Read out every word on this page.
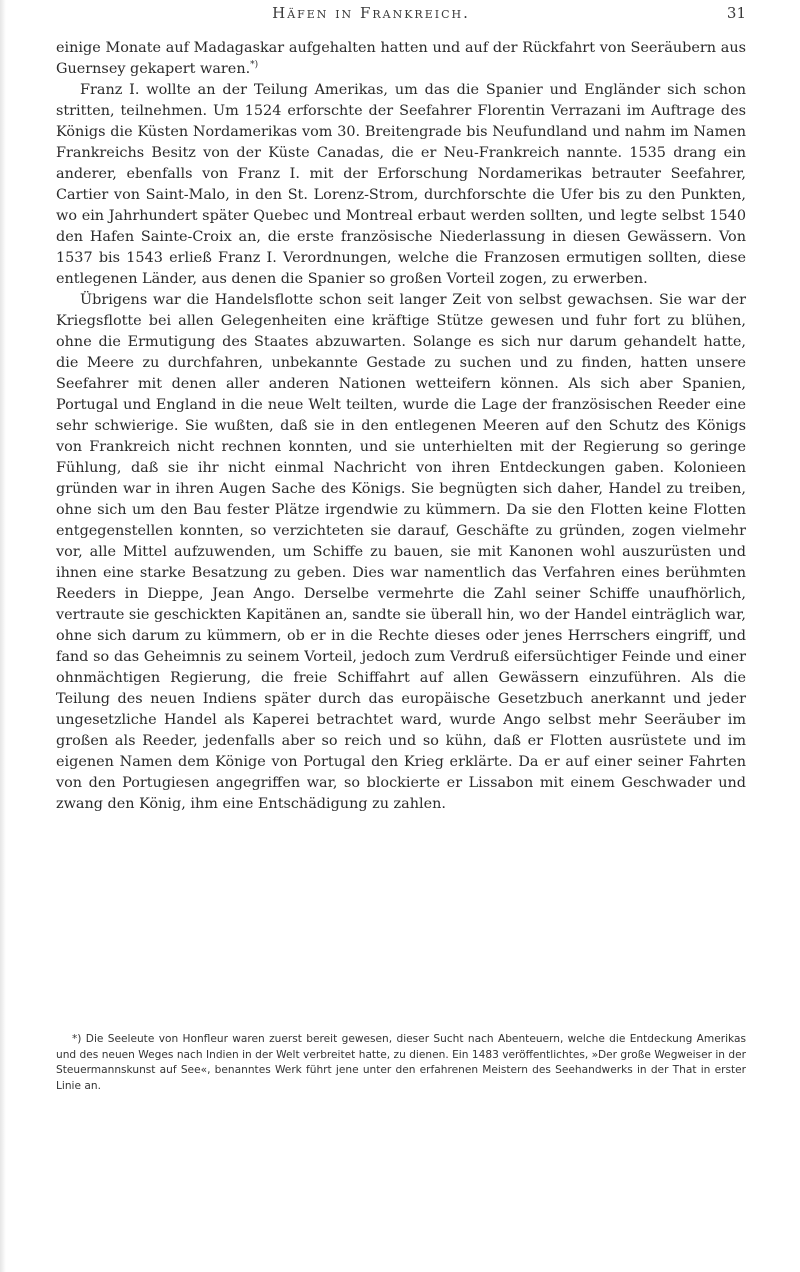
Häfen in Frankreich.	31

einige Monate auf Madagaskar aufgehalten hatten und auf der Rückfahrt von Seeräubern aus Guernsey gekapert waren.*)

Franz I. wollte an der Teilung Amerikas, um das die Spanier und Engländer sich schon stritten, teilnehmen. Um 1524 erforschte der Seefahrer Florentin Verrazani im Auftrage des Königs die Küsten Nordamerikas vom 30. Breitengrade bis Neufundland und nahm im Namen Frankreichs Besitz von der Küste Canadas, die er Neu-Frankreich nannte. 1535 drang ein anderer, ebenfalls von Franz I. mit der Erforschung Nordamerikas betrauter Seefahrer, Cartier von Saint-Malo, in den St. Lorenz-Strom, durchforschte die Ufer bis zu den Punkten, wo ein Jahrhundert später Quebec und Montreal erbaut werden sollten, und legte selbst 1540 den Hafen Sainte-Croix an, die erste französische Niederlassung in diesen Gewässern. Von 1537 bis 1543 erließ Franz I. Verordnungen, welche die Franzosen ermutigen sollten, diese entlegenen Länder, aus denen die Spanier so großen Vorteil zogen, zu erwerben.

Übrigens war die Handelsflotte schon seit langer Zeit von selbst gewachsen. Sie war der Kriegsflotte bei allen Gelegenheiten eine kräftige Stütze gewesen und fuhr fort zu blühen, ohne die Ermutigung des Staates abzuwarten. Solange es sich nur darum gehandelt hatte, die Meere zu durchfahren, unbekannte Gestade zu suchen und zu finden, hatten unsere Seefahrer mit denen aller anderen Nationen wetteifern können. Als sich aber Spanien, Portugal und England in die neue Welt teilten, wurde die Lage der französischen Reeder eine sehr schwierige. Sie wußten, daß sie in den entlegenen Meeren auf den Schutz des Königs von Frankreich nicht rechnen konnten, und sie unterhielten mit der Regierung so geringe Fühlung, daß sie ihr nicht einmal Nachricht von ihren Entdeckungen gaben. Kolonieen gründen war in ihren Augen Sache des Königs. Sie begnügten sich daher, Handel zu treiben, ohne sich um den Bau fester Plätze irgendwie zu kümmern. Da sie den Flotten keine Flotten entgegenstellen konnten, so verzichteten sie darauf, Geschäfte zu gründen, zogen vielmehr vor, alle Mittel aufzuwenden, um Schiffe zu bauen, sie mit Kanonen wohl auszurüsten und ihnen eine starke Besatzung zu geben. Dies war namentlich das Verfahren eines berühmten Reeders in Dieppe, Jean Ango. Derselbe vermehrte die Zahl seiner Schiffe unaufhörlich, vertraute sie geschickten Kapitänen an, sandte sie überall hin, wo der Handel einträglich war, ohne sich darum zu kümmern, ob er in die Rechte dieses oder jenes Herrschers eingriff, und fand so das Geheimnis zu seinem Vorteil, jedoch zum Verdruß eifersüchtiger Feinde und einer ohnmächtigen Regierung, die freie Schiffahrt auf allen Gewässern einzuführen. Als die Teilung des neuen Indiens später durch das europäische Gesetzbuch anerkannt und jeder ungesetzliche Handel als Kaperei betrachtet ward, wurde Ango selbst mehr Seeräuber im großen als Reeder, jedenfalls aber so reich und so kühn, daß er Flotten ausrüstete und im eigenen Namen dem Könige von Portugal den Krieg erklärte. Da er auf einer seiner Fahrten von den Portugiesen angegriffen war, so blockierte er Lissabon mit einem Geschwader und zwang den König, ihm eine Entschädigung zu zahlen.

*) Die Seeleute von Honfleur waren zuerst bereit gewesen, dieser Sucht nach Abenteuern, welche die Entdeckung Amerikas und des neuen Weges nach Indien in der Welt verbreitet hatte, zu dienen. Ein 1483 veröffentlichtes, »Der große Wegweiser in der Steuermannskunst auf See«, benanntes Werk führt jene unter den erfahrenen Meistern des Seehandwerks in der That in erster Linie an.
